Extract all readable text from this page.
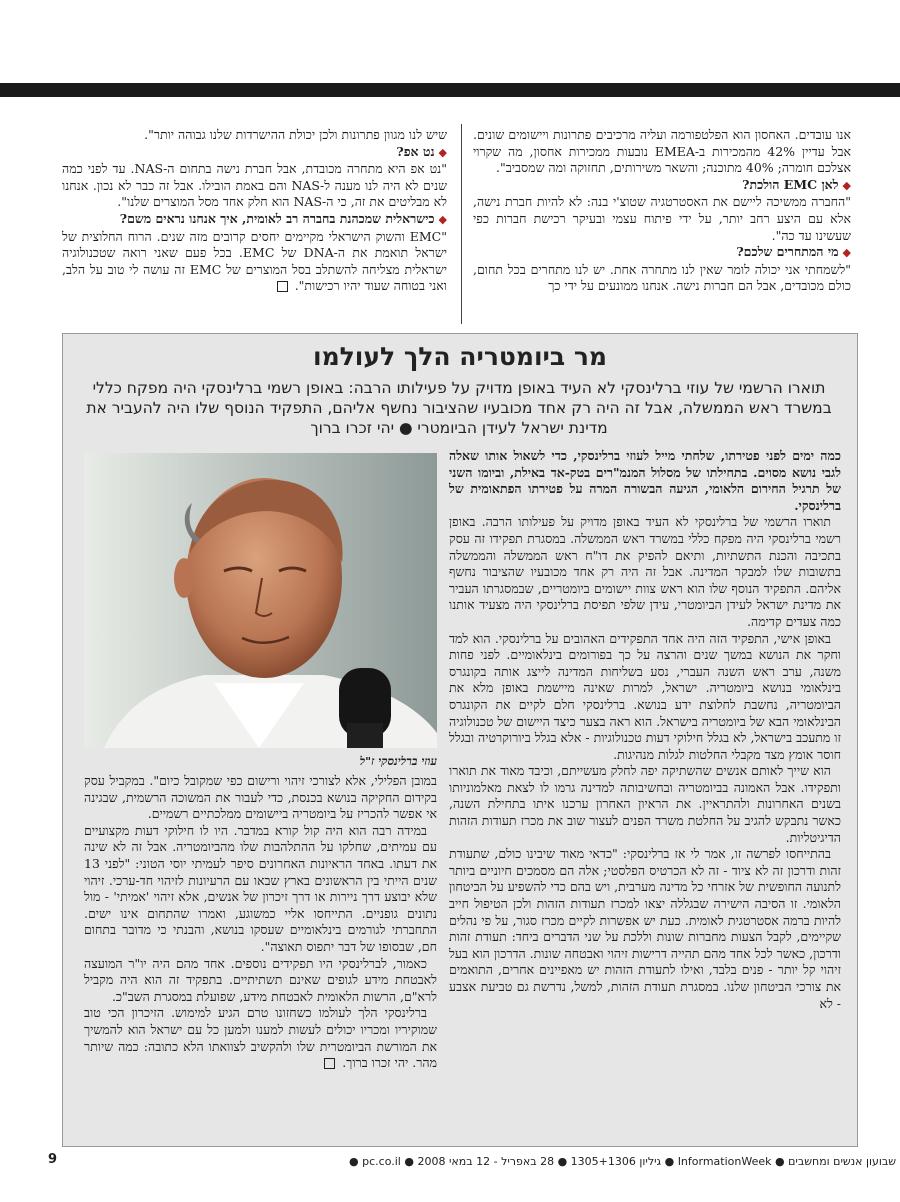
אנו עובדים. האחסון הוא הפלטפורמה ועליה מרכיבים פתרונות ויישומים שונים. אבל עדיין 42% מהמכירות ב-EMEA נובעות ממכירות אחסון, מה שקרוי אצלכם חומרה; 40% מתוכנה; והשאר משירותים, תחזוקה ומה שמסביב".

◆לאן EMC הולכת?

"החברה ממשיכה ליישם את האסטרטגיה שטוצ'י בנה: לא להיות חברת נישה, אלא עם היצע רחב יותר, על ידי פיתוח עצמי ובעיקר רכישת חברות כפי שעשינו עד כה".

◆מי המתחרים שלכם?

"לשמחתי אני יכולה לומר שאין לנו מתחרה אחת. יש לנו מתחרים בכל תחום, כולם מכובדים, אבל הם חברות נישה. אנחנו ממונעים על ידי כך

שיש לנו מגוון פתרונות ולכן יכולת ההישרדות שלנו גבוהה יותר".

◆נט אפ?

"נט אפ היא מתחרה מכובדת, אבל חברת נישה בתחום ה-NAS. עד לפני כמה שנים לא היה לנו מענה ל-NAS והם באמת הובילו. אבל זה כבר לא נכון. אנחנו לא מבליטים את זה, כי ה-NAS הוא חלק אחד מסל המוצרים שלנו".

◆כישראלית שמכהנת בחברה רב לאומית, איך אנחנו נראים משם?

"EMC והשוק הישראלי מקיימים יחסים קרובים מזה שנים. הרוח החלוצית של ישראל תואמת את ה-DNA של EMC. בכל פעם שאני רואה שטכנולוגיה ישראלית מצליחה להשתלב בסל המוצרים של EMC זה עושה לי טוב על הלב, ואני בטוחה שעוד יהיו רכישות".

מר ביומטריה הלך לעולמו
תוארו הרשמי של עוזי ברלינסקי לא העיד באופן מדויק על פעילותו הרבה: באופן רשמי ברלינסקי היה מפקח כללי במשרד ראש הממשלה, אבל זה היה רק אחד מכובעיו שהציבור נחשף אליהם, התפקיד הנוסף שלו היה להעביר את מדינת ישראל לעידן הביומטרי ● יהי זכרו ברוך

כמה ימים לפני פטירתו, שלחתי מייל לעוזי ברלינסקי, כדי לשאול אותו שאלה לגבי נושא מסוים. בתחילתו של מסלול המנמ"רים בטק-אד באילת, וביומו השני של תרגיל החירום הלאומי, הגיעה הבשורה המרה על פטירתו הפתאומית של ברלינסקי.

תוארו הרשמי של ברלינסקי לא העיד באופן מדויק על פעילותו הרבה. באופן רשמי ברלינסקי היה מפקח כללי במשרד ראש הממשלה. במסגרת תפקידו זה עסק בתכיבה והכנת התשתיות, ותיאם להפיק את דו"ח ראש הממשלה והממשלה בתשובות שלו למבקר המדינה. אבל זה היה רק אחד מכובעיו שהציבור נחשף אליהם. התפקיד הנוסף שלו הוא ראש צוות יישומים ביומטריים, שבמסגרתו העביר את מדינת ישראל לעידן הביומטרי, עידן שלפי תפיסת ברלינסקי היה מצעיד אותנו כמה צעדים קדימה.

באופן אישי, התפקיד הזה היה אחד התפקידים האהובים על ברלינסקי. הוא למד וחקר את הנושא במשך שנים והרצה על כך בפורומים בינלאומיים. לפני פחות משנה, ערב ראש השנה העברי, נסע בשליחות המדינה לייצג אותה בקונגרס בינלאומי בנושא ביומטריה. ישראל, למרות שאינה מיישמת באופן מלא את הביומטריה, נחשבת לחלוצת ידע בנושא. ברלינסקי חלם לקיים את הקונגרס הבינלאומי הבא של ביומטריה בישראל. הוא ראה בצער כיצד היישום של טכנולוגיה זו מתעכב בישראל, לא בגלל חילוקי דעות טכנולוגיות - אלא בגלל ביורוקרטיה ובגלל חוסר אומץ מצד מקבלי החלטות לגלות מנהיגות.

הוא שייך לאותם אנשים שהשתיקה יפה לחלק מעשייתם, וכיבד מאוד את תוארו ותפקידו. אבל האמונה בביומטריה ובחשיבותה למדינה גרמו לו לצאת מאלמוניותו בשנים האחרונות ולהתראיין. את הראיון האחרון ערכנו איתו בתחילת השנה, כאשר נתבקש להגיב על החלטת משרד הפנים לעצור שוב את מכרז תעודות הזהות הדיגיטליות.

בהתייחסו לפרשה זו, אמר לי אז ברלינסקי: "כדאי מאוד שיבינו כולם, שתעודת זהות ודרכון זה לא ציוד - זה לא הכרטיס הפלסטי; אלה הם מסמכים חיוניים ביותר לתנועה החופשית של אזרחי כל מדינה מערבית, ויש בהם כדי להשפיע על הביטחון הלאומי. זו הסיבה הישירה שבגללה יצאו למכרז תעודות הזהות ולכן הטיפול חייב להיות ברמה אסטרטגית לאומית. כעת יש אפשרות לקיים מכרז סגור, על פי נהלים שקיימים, לקבל הצעות מחברות שונות וללכת על שני הדברים ביחד: תעודת זהות ודרכון, כאשר לכל אחד מהם תהייה דרישות זיהוי ואבטחה שונות. הדרכון הוא בעל זיהוי קל יותר - פנים בלבד, ואילו לתעודת הזהות יש מאפיינים אחרים, התואמים את צורכי הביטחון שלנו. במסגרת תעודת הזהות, למשל, נדרשת גם טביעת אצבע - לא

עוזי ברלינסקי ז"ל

במובן הפלילי, אלא לצורכי זיהוי ורישום כפי שמקובל כיום". במקביל עסק בקידום החקיקה בנושא בכנסת, כדי לעבור את המשוכה הרשמית, שבגינה אי אפשר להכריז על ביומטריה ביישומים ממלכתיים רשמיים.

במידה רבה הוא היה קול קורא במדבר. היו לו חילוקי דעות מקצועיים עם עמיתים, שחלקו על ההתלהבות שלו מהביומטריה. אבל זה לא שינה את דעתו. באחד הראיונות האחרונים סיפר לעמיתי יוסי הטוני: "לפני 13 שנים הייתי בין הראשונים בארץ שבאו עם הרעיונות לזיהוי חד-ערכי. זיהוי שלא יבוצע דרך ניירות או דרך זיכרון של אנשים, אלא זיהוי 'אמיתי' - מול נתונים גופניים. התייחסו אליי כמשוגע, ואמרו שהתחום אינו ישים. התחברתי לגורמים בינלאומיים שעסקו בנושא, והבנתי כי מדובר בתחום חם, שבסופו של דבר יתפוס תאוצה".

כאמור, לברלינסקי היו תפקידים נוספים. אחד מהם היה יו"ר המועצה לאבטחת מידע לגופים שאינם תשתיתיים. בתפקיד זה הוא היה מקביל לרא"ם, הרשות הלאומית לאבטחת מידע, שפועלת במסגרת השב"כ.

ברלינסקי הלך לעולמו כשחזונו טרם הגיע למימוש. הזיכרון הכי טוב שמוקיריו ומכריו יכולים לעשות למענו ולמען כל עם ישראל הוא להמשיך את המורשת הביומטרית שלו ולהקשיב לצוואתו הלא כתובה: כמה שיותר מהר. יהי זכרו ברוך.

שבועון אנשים ומחשבים ● InformationWeek ● גיליון 1305+1306 ● 28 באפריל - 12 במאי 2008 ● pc.co.il ●
9
